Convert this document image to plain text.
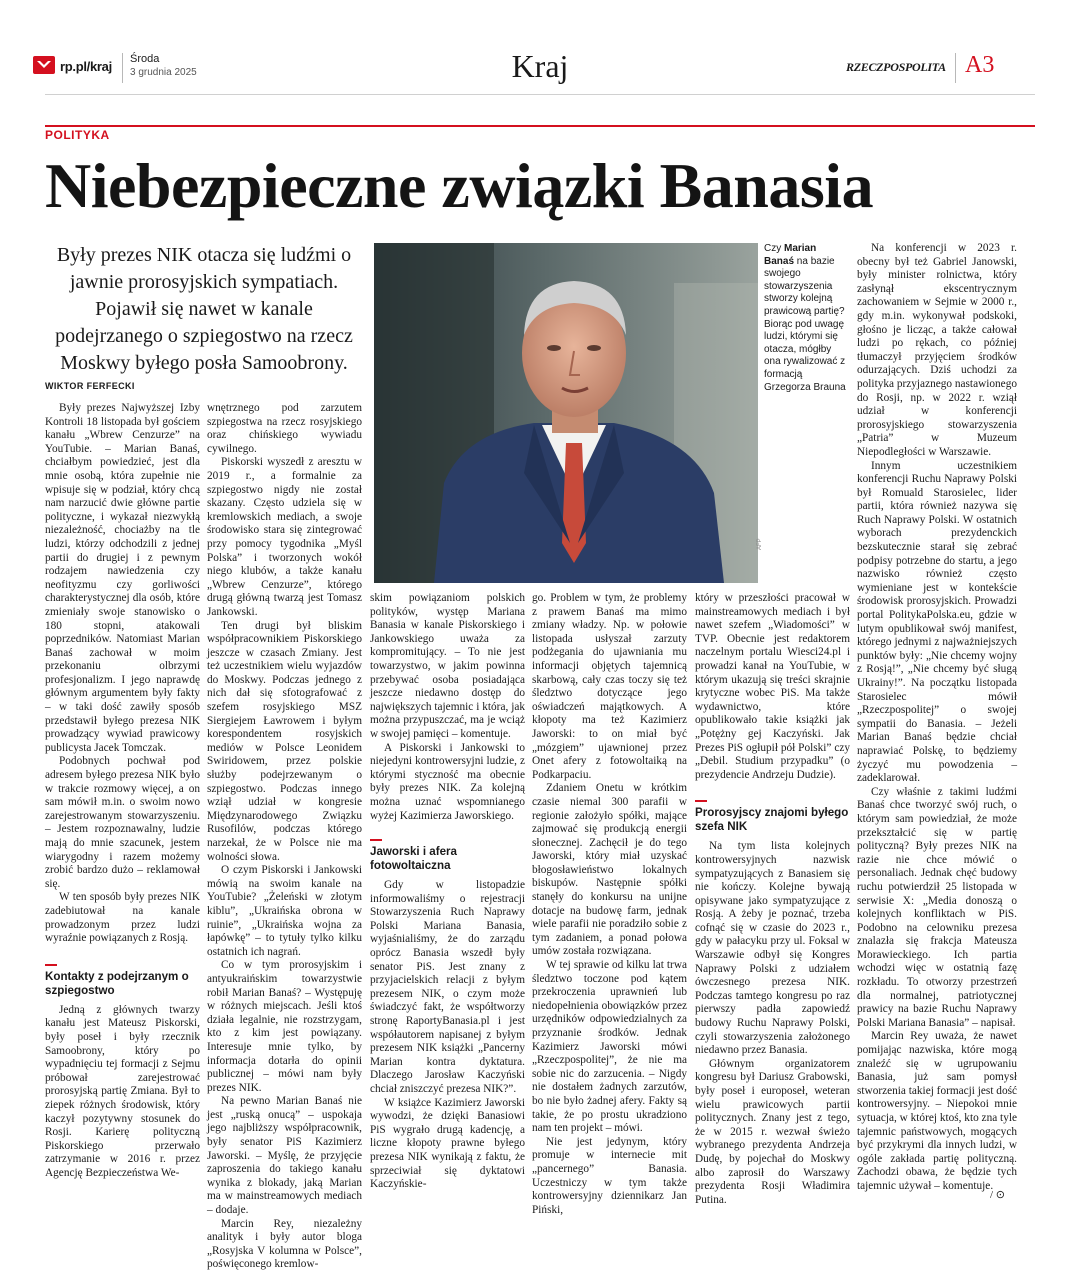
rp.pl/kraj Środa
3 grudnia 2025	Kraj	RZECZPOSPOLITA A3
POLITYKA
Niebezpieczne związki Banasia
Były prezes NIK otacza się ludźmi o jawnie prorosyjskich sympatiach. Pojawił się nawet w kanale podejrzanego o szpiegostwo na rzecz Moskwy byłego posła Samoobrony.
WIKTOR FERFECKI
AFP
Czy Marian Banaś na bazie swojego stowarzyszenia stworzy kolejną prawicową partię? Biorąc pod uwagę ludzi, którymi się otacza, mógłby ona rywalizować z formacją Grzegorza Brauna

Były prezes Najwyższej Izby Kontroli 18 listopada był gościem kanału „Wbrew Cenzurze” na YouTubie. – Marian Banaś, chciałbym powiedzieć, jest dla mnie osobą, która zupełnie nie wpisuje się w podział, który chcą nam narzucić dwie główne partie polityczne, i wykazał niezwykłą niezależność, chociażby na tle ludzi, którzy odchodzili z jednej partii do drugiej i z pewnym rodzajem nawiedzenia czy neofityzmu czy gorliwości charakterystycznej dla osób, które zmieniały swoje stanowisko o 180 stopni, atakowali poprzedników. Natomiast Marian Banaś zachował w moim przekonaniu olbrzymi profesjonalizm. I jego naprawdę głównym argumentem były fakty – w taki dość zawiły sposób przedstawił byłego prezesa NIK prowadzący wywiad prawicowy publicysta Jacek Tomczak.

Podobnych pochwał pod adresem byłego prezesa NIK było w trakcie rozmowy więcej, a on sam mówił m.in. o swoim nowo zarejestrowanym stowarzyszeniu. – Jestem rozpoznawalny, ludzie mają do mnie szacunek, jestem wiarygodny i razem możemy zrobić bardzo dużo – reklamował się.

W ten sposób były prezes NIK zadebiutował na kanale prowadzonym przez ludzi wyraźnie powiązanych z Rosją.

Kontakty z podejrzanym o szpiegostwo

Jedną z głównych twarzy kanału jest Mateusz Piskorski, były poseł i były rzecznik Samoobrony, który po wypadnięciu tej formacji z Sejmu próbował zarejestrować prorosyjską partię Zmiana. Był to ziepek różnych środowisk, który kaczył pozytywny stosunek do Rosji. Karierę polityczną Piskorskiego przerwało zatrzymanie w 2016 r. przez Agencję Bezpieczeństwa We-

wnętrznego pod zarzutem szpiegostwa na rzecz rosyjskiego oraz chińskiego wywiadu cywilnego.

Piskorski wyszedł z aresztu w 2019 r., a formalnie za szpiegostwo nigdy nie został skazany. Często udziela się w kremlowskich mediach, a swoje środowisko stara się zintegrować przy pomocy tygodnika „Myśl Polska” i tworzonych wokół niego klubów, a także kanału „Wbrew Cenzurze”, którego drugą główną twarzą jest Tomasz Jankowski.

Ten drugi był bliskim współpracownikiem Piskorskiego jeszcze w czasach Zmiany. Jest też uczestnikiem wielu wyjazdów do Moskwy. Podczas jednego z nich dał się sfotografować z szefem rosyjskiego MSZ Siergiejem Ławrowem i byłym korespondentem rosyjskich mediów w Polsce Leonidem Swiridowem, przez polskie służby podejrzewanym o szpiegostwo. Podczas innego wziął udział w kongresie Międzynarodowego Związku Rusofilów, podczas którego narzekał, że w Polsce nie ma wolności słowa.

O czym Piskorski i Jankowski mówią na swoim kanale na YouTubie? „Żeleński w złotym kiblu”, „Ukraińska obrona w ruinie”, „Ukraińska wojna za łapówkę” – to tytuły tylko kilku ostatnich ich nagrań.

Co w tym prorosyjskim i antyukraińskim towarzystwie robił Marian Banaś? – Występuję w różnych miejscach. Jeśli ktoś działa legalnie, nie rozstrzygam, kto z kim jest powiązany. Interesuje mnie tylko, by informacja dotarła do opinii publicznej – mówi nam były prezes NIK.

Na pewno Marian Banaś nie jest „ruską onucą” – uspokaja jego najbliższy współpracownik, były senator PiS Kazimierz Jaworski. – Myślę, że przyjęcie zaproszenia do takiego kanału wynika z blokady, jaką Marian ma w mainstreamowych mediach – dodaje.

Marcin Rey, niezależny analityk i były autor bloga „Rosyjska V kolumna w Polsce”, poświęconego kremlow-

skim powiązaniom polskich polityków, występ Mariana Banasia w kanale Piskorskiego i Jankowskiego uważa za kompromitujący. – To nie jest towarzystwo, w jakim powinna przebywać osoba posiadająca jeszcze niedawno dostęp do największych tajemnic i która, jak można przypuszczać, ma je wciąż w swojej pamięci – komentuje.

A Piskorski i Jankowski to niejedyni kontrowersyjni ludzie, z którymi styczność ma obecnie były prezes NIK. Za kolejną można uznać wspomnianego wyżej Kazimierza Jaworskiego.

Jaworski i afera fotowoltaiczna

Gdy w listopadzie informowaliśmy o rejestracji Stowarzyszenia Ruch Naprawy Polski Mariana Banasia, wyjaśnialiśmy, że do zarządu oprócz Banasia wszedł były senator PiS. Jest znany z przyjacielskich relacji z byłym prezesem NIK, o czym może świadczyć fakt, że współtworzy stronę RaportyBanasia.pl i jest współautorem napisanej z byłym prezesem NIK książki „Pancerny Marian kontra dyktatura. Dlaczego Jarosław Kaczyński chciał zniszczyć prezesa NIK?”.

W książce Kazimierz Jaworski wywodzi, że dzięki Banasiowi PiS wygrało drugą kadencję, a liczne kłopoty prawne byłego prezesa NIK wynikają z faktu, że sprzeciwiał się dyktatowi Kaczyńskie-

go. Problem w tym, że problemy z prawem Banaś ma mimo zmiany władzy. Np. w połowie listopada usłyszał zarzuty podżegania do ujawniania mu informacji objętych tajemnicą skarbową, cały czas toczy się też śledztwo dotyczące jego oświadczeń majątkowych. A kłopoty ma też Kazimierz Jaworski: to on miał być „mózgiem” ujawnionej przez Onet afery z fotowoltaiką na Podkarpaciu.

Zdaniem Onetu w krótkim czasie niemal 300 parafii w regionie założyło spółki, mające zajmować się produkcją energii słonecznej. Zachęcił je do tego Jaworski, który miał uzyskać błogosławieństwo lokalnych biskupów. Następnie spółki stanęły do konkursu na unijne dotacje na budowę farm, jednak wiele parafii nie poradziło sobie z tym zadaniem, a ponad połowa umów została rozwiązana.

W tej sprawie od kilku lat trwa śledztwo toczone pod kątem przekroczenia uprawnień lub niedopełnienia obowiązków przez urzędników odpowiedzialnych za przyznanie środków. Jednak Kazimierz Jaworski mówi „Rzeczpospolitej”, że nie ma sobie nic do zarzucenia. – Nigdy nie dostałem żadnych zarzutów, bo nie było żadnej afery. Fakty są takie, że po prostu ukradziono nam ten projekt – mówi.

Nie jest jedynym, który promuje w internecie mit „pancernego” Banasia. Uczestniczy w tym także kontrowersyjny dziennikarz Jan Piński,

który w przeszłości pracował w mainstreamowych mediach i był nawet szefem „Wiadomości” w TVP. Obecnie jest redaktorem naczelnym portalu Wiesci24.pl i prowadzi kanał na YouTubie, w którym ukazują się treści skrajnie krytyczne wobec PiS. Ma także wydawnictwo, które opublikowało takie książki jak „Potężny gej Kaczyński. Jak Prezes PiS ogłupił pół Polski” czy „Debil. Studium przypadku” (o prezydencie Andrzeju Dudzie).

Prorosyjscy znajomi byłego szefa NIK

Na tym lista kolejnych kontrowersyjnych nazwisk sympatyzujących z Banasiem się nie kończy. Kolejne bywają opisywane jako sympatyzujące z Rosją. A żeby je poznać, trzeba cofnąć się w czasie do 2023 r., gdy w pałacyku przy ul. Foksal w Warszawie odbył się Kongres Naprawy Polski z udziałem ówczesnego prezesa NIK. Podczas tamtego kongresu po raz pierwszy padła zapowiedź budowy Ruchu Naprawy Polski, czyli stowarzyszenia założonego niedawno przez Banasia.

Głównym organizatorem kongresu był Dariusz Grabowski, były poseł i europoseł, weteran wielu prawicowych partii politycznych. Znany jest z tego, że w 2015 r. wezwał świeżo wybranego prezydenta Andrzeja Dudę, by pojechał do Moskwy albo zaprosił do Warszawy prezydenta Rosji Władimira Putina.

Na konferencji w 2023 r. obecny był też Gabriel Janowski, były minister rolnictwa, który zasłynął ekscentrycznym zachowaniem w Sejmie w 2000 r., gdy m.in. wykonywał podskoki, głośno je licząc, a także całował ludzi po rękach, co później tłumaczył przyjęciem środków odurzających. Dziś uchodzi za polityka przyjaznego nastawionego do Rosji, np. w 2022 r. wziął udział w konferencji prorosyjskiego stowarzyszenia „Patria” w Muzeum Niepodległości w Warszawie.

Innym uczestnikiem konferencji Ruchu Naprawy Polski był Romuald Starosielec, lider partii, która również nazywa się Ruch Naprawy Polski. W ostatnich wyborach prezydenckich bezskutecznie starał się zebrać podpisy potrzebne do startu, a jego nazwisko również często wymieniane jest w kontekście środowisk prorosyjskich. Prowadzi portal PolitykaPolska.eu, gdzie w lutym opublikował swój manifest, którego jednymi z najważniejszych punktów były: „Nie chcemy wojny z Rosją!”, „Nie chcemy być sługą Ukrainy!”. Na początku listopada Starosielec mówił „Rzeczpospolitej” o swojej sympatii do Banasia. – Jeżeli Marian Banaś będzie chciał naprawiać Polskę, to będziemy życzyć mu powodzenia – zadeklarował.

Czy właśnie z takimi ludźmi Banaś chce tworzyć swój ruch, o którym sam powiedział, że może przekształcić się w partię polityczną? Były prezes NIK na razie nie chce mówić o personaliach. Jednak chęć budowy ruchu potwierdził 25 listopada w serwisie X: „Media donoszą o kolejnych konfliktach w PiS. Podobno na celowniku prezesa znalazła się frakcja Mateusza Morawieckiego. Ich partia wchodzi więc w ostatnią fazę rozkładu. To otworzy przestrzeń dla normalnej, patriotycznej prawicy na bazie Ruchu Naprawy Polski Mariana Banasia” – napisał.

Marcin Rey uważa, że nawet pomijając nazwiska, które mogą znaleźć się w ugrupowaniu Banasia, już sam pomysł stworzenia takiej formacji jest dość kontrowersyjny. – Niepokoi mnie sytuacja, w której ktoś, kto zna tyle tajemnic państwowych, mogących być przykrymi dla innych ludzi, w ogóle zakłada partię polityczną. Zachodzi obawa, że będzie tych tajemnic używał – komentuje.

/ ⊙
